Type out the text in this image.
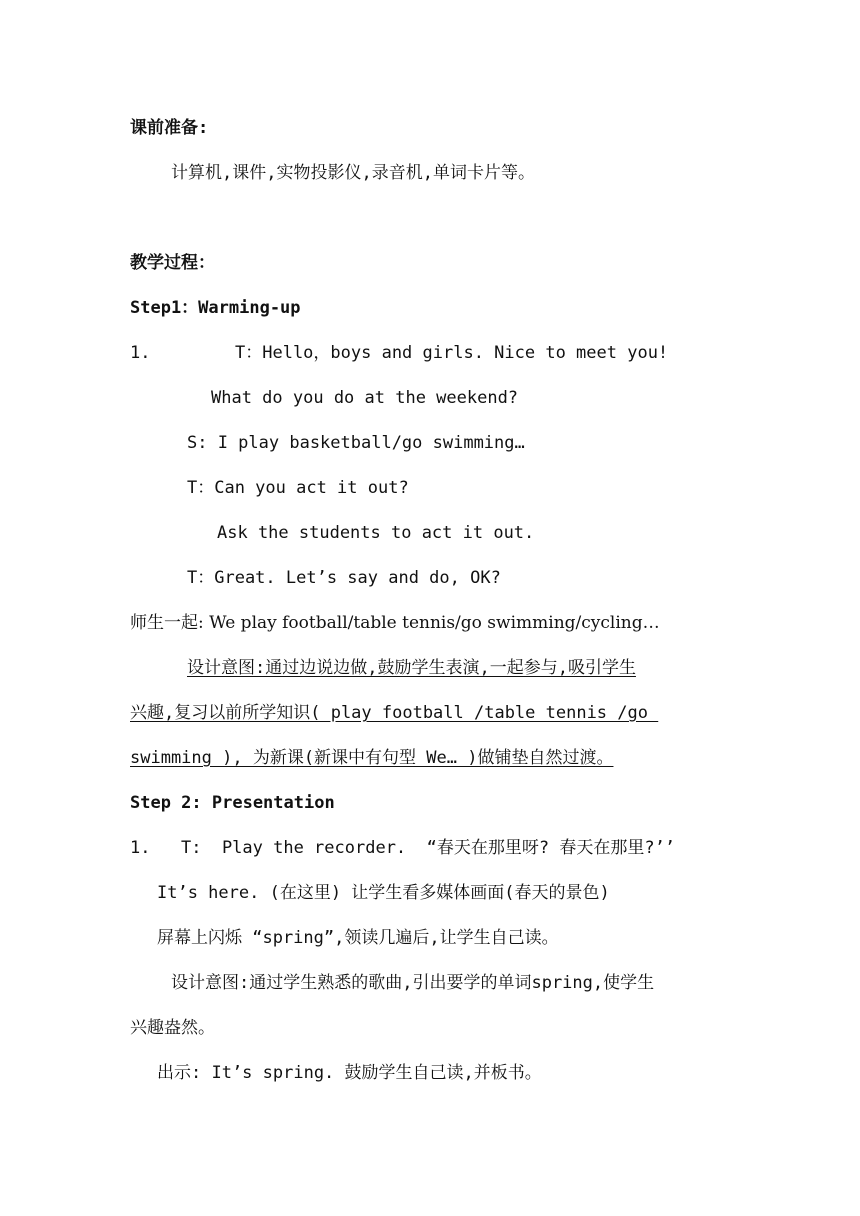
课前准备:
计算机,课件,实物投影仪,录音机,单词卡片等。
教学过程：
Step1：Warming-up
1.	T：Hello，boys and girls. Nice to meet you!
What do you do at the weekend?
S: I play basketball/go swimming…
T：Can you act it out?
Ask the students to act it out.
T：Great. Let’s say and do, OK?
师生一起: We play football/table tennis/go swimming/cycling…
设计意图:通过边说边做,鼓励学生表演,一起参与,吸引学生
兴趣,复习以前所学知识( play football /table tennis /go
swimming ), 为新课(新课中有句型 We… )做铺垫自然过渡。
Step 2: Presentation
1. T:  Play the recorder.  “春天在那里呀? 春天在那里?’’
It’s here. (在这里) 让学生看多媒体画面(春天的景色)
屏幕上闪烁 “spring”,领读几遍后,让学生自己读。
设计意图:通过学生熟悉的歌曲,引出要学的单词spring,使学生
兴趣盎然。
出示: It’s spring. 鼓励学生自己读,并板书。
